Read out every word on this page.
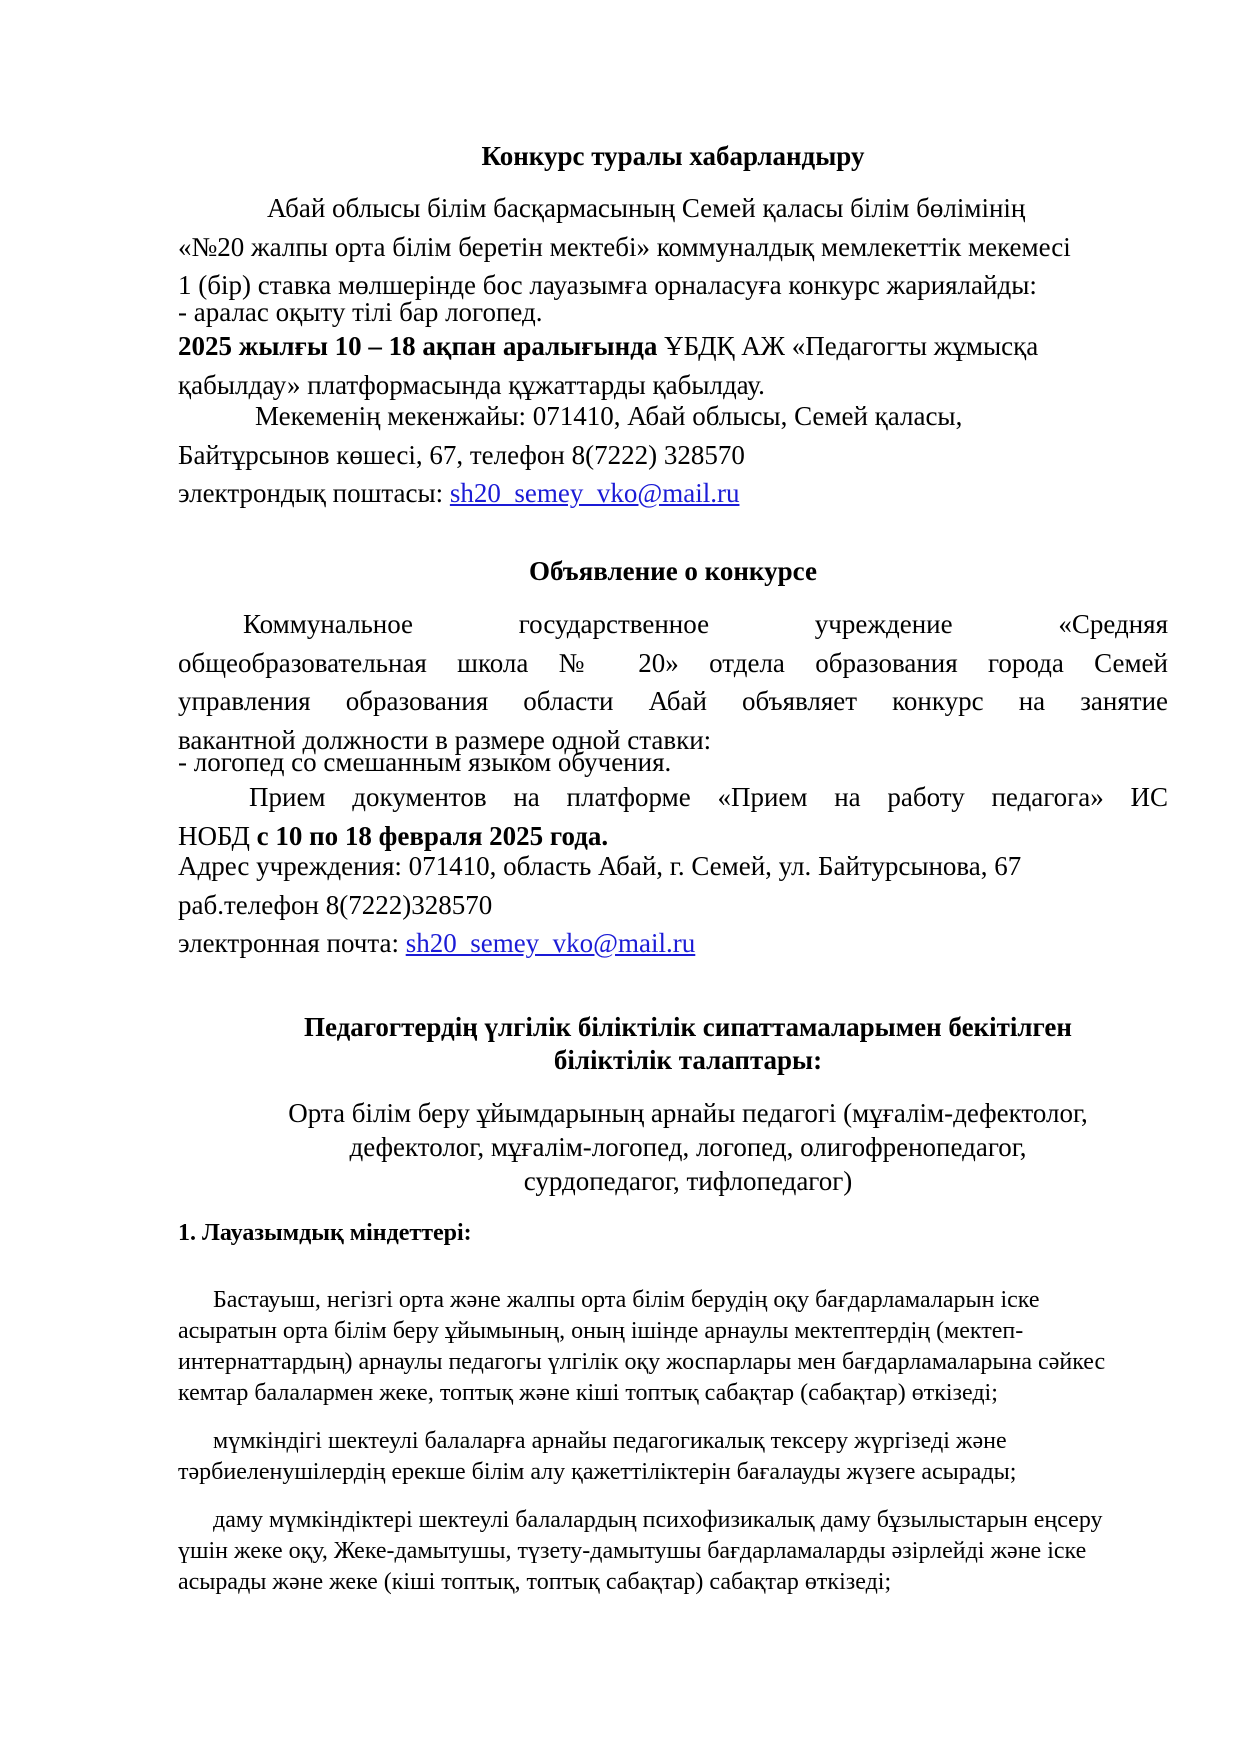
Конкурс туралы хабарландыру
Абай облысы білім басқармасының Семей қаласы білім бөлімінің
«№20 жалпы орта білім беретін мектебі» коммуналдық мемлекеттік мекемесі
1 (бір) ставка мөлшерінде бос лауазымға орналасуға конкурс жариялайды:
- аралас оқыту тілі бар логопед.
2025 жылғы 10 – 18 ақпан аралығында ҰБДҚ АЖ «Педагогты жұмысқа
қабылдау» платформасында құжаттарды қабылдау.
Мекеменің мекенжайы: 071410, Абай облысы, Семей қаласы,
Байтұрсынов көшесі, 67, телефон 8(7222) 328570
электрондық поштасы: sh20_semey_vko@mail.ru
Объявление о конкурсе
Коммунальное государственное учреждение «Средняя
общеобразовательная школа № 20» отдела образования города Семей
управления образования области Абай объявляет конкурс на занятие
вакантной должности в размере одной ставки:
- логопед со смешанным языком обучения.
Прием документов на платформе «Прием на работу педагога» ИС
НОБД с 10 по 18 февраля 2025 года.
Адрес учреждения: 071410, область Абай, г. Семей, ул. Байтурсынова, 67
раб.телефон 8(7222)328570
электронная почта: sh20_semey_vko@mail.ru
Педагогтердің үлгілік біліктілік сипаттамаларымен бекітілген
біліктілік талаптары:
Орта білім беру ұйымдарының арнайы педагогі (мұғалім-дефектолог,
дефектолог, мұғалім-логопед, логопед, олигофренопедагог,
сурдопедагог, тифлопедагог)
1. Лауазымдық міндеттері:
Бастауыш, негізгі орта және жалпы орта білім берудің оқу бағдарламаларын іске
асыратын орта білім беру ұйымының, оның ішінде арнаулы мектептердің (мектеп-
интернаттардың) арнаулы педагогы үлгілік оқу жоспарлары мен бағдарламаларына сәйкес
кемтар балалармен жеке, топтық және кіші топтық сабақтар (сабақтар) өткізеді;
мүмкіндігі шектеулі балаларға арнайы педагогикалық тексеру жүргізеді және
тәрбиеленушілердің ерекше білім алу қажеттіліктерін бағалауды жүзеге асырады;
даму мүмкіндіктері шектеулі балалардың психофизикалық даму бұзылыстарын еңсеру
үшін жеке оқу, Жеке-дамытушы, түзету-дамытушы бағдарламаларды әзірлейді және іске
асырады және жеке (кіші топтық, топтық сабақтар) сабақтар өткізеді;
